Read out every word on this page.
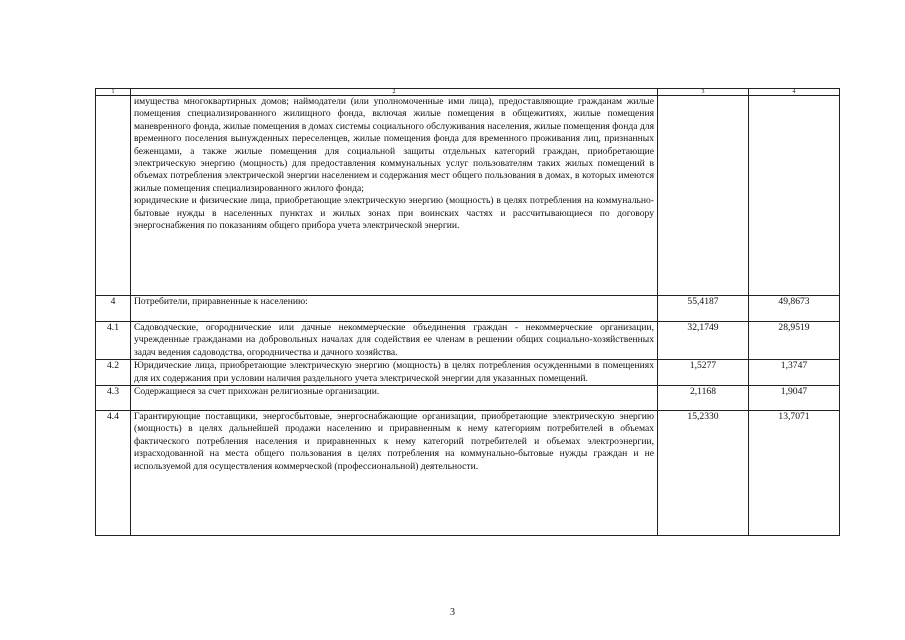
1	2	3	4

	имущества многоквартирных домов; наймодатели (или уполномоченные ими лица), предоставляющие гражданам жилые помещения специализированного жилищного фонда, включая жилые помещения в общежитиях, жилые помещения маневренного фонда, жилые помещения в домах системы социального обслуживания населения, жилые помещения фонда для временного поселения вынужденных переселенцев, жилые помещения фонда для временного проживания лиц, признанных беженцами, а также жилые помещения для социальной защиты отдельных категорий граждан, приобретающие электрическую энергию (мощность) для предоставления коммунальных услуг пользователям таких жилых помещений в объемах потребления электрической энергии населением и содержания мест общего пользования в домах, в которых имеются жилые помещения специализированного жилого фонда;
юридические и физические лица, приобретающие электрическую энергию (мощность) в целях потребления на коммунально-бытовые нужды в населенных пунктах и жилых зонах при воинских частях и рассчитывающиеся по договору энергоснабжения по показаниям общего прибора учета электрической энергии.		

4	Потребители, приравненные к населению:	55,4187	49,8673
4.1	Садоводческие, огороднические или дачные некоммерческие объединения граждан - некоммерческие организации, учрежденные гражданами на добровольных началах для содействия ее членам в решении общих социально-хозяйственных задач ведения садоводства, огородничества и дачного хозяйства.	32,1749	28,9519
4.2	Юридические лица, приобретающие электрическую энергию (мощность) в целях потребления осужденными в помещениях для их содержания при условии наличия раздельного учета электрической энергии для указанных помещений.	1,5277	1,3747
4.3	Содержащиеся за счет прихожан религиозные организации.	2,1168	1,9047
4.4	Гарантирующие поставщики, энергосбытовые, энергоснабжающие организации, приобретающие электрическую энергию (мощность) в целях дальнейшей продажи населению и приравненным к нему категориям потребителей в объемах фактического потребления населения и приравненных к нему категорий потребителей и объемах электроэнергии, израсходованной на места общего пользования в целях потребления на коммунально-бытовые нужды граждан и не используемой для осуществления коммерческой (профессиональной) деятельности.	15,2330	13,7071
3
